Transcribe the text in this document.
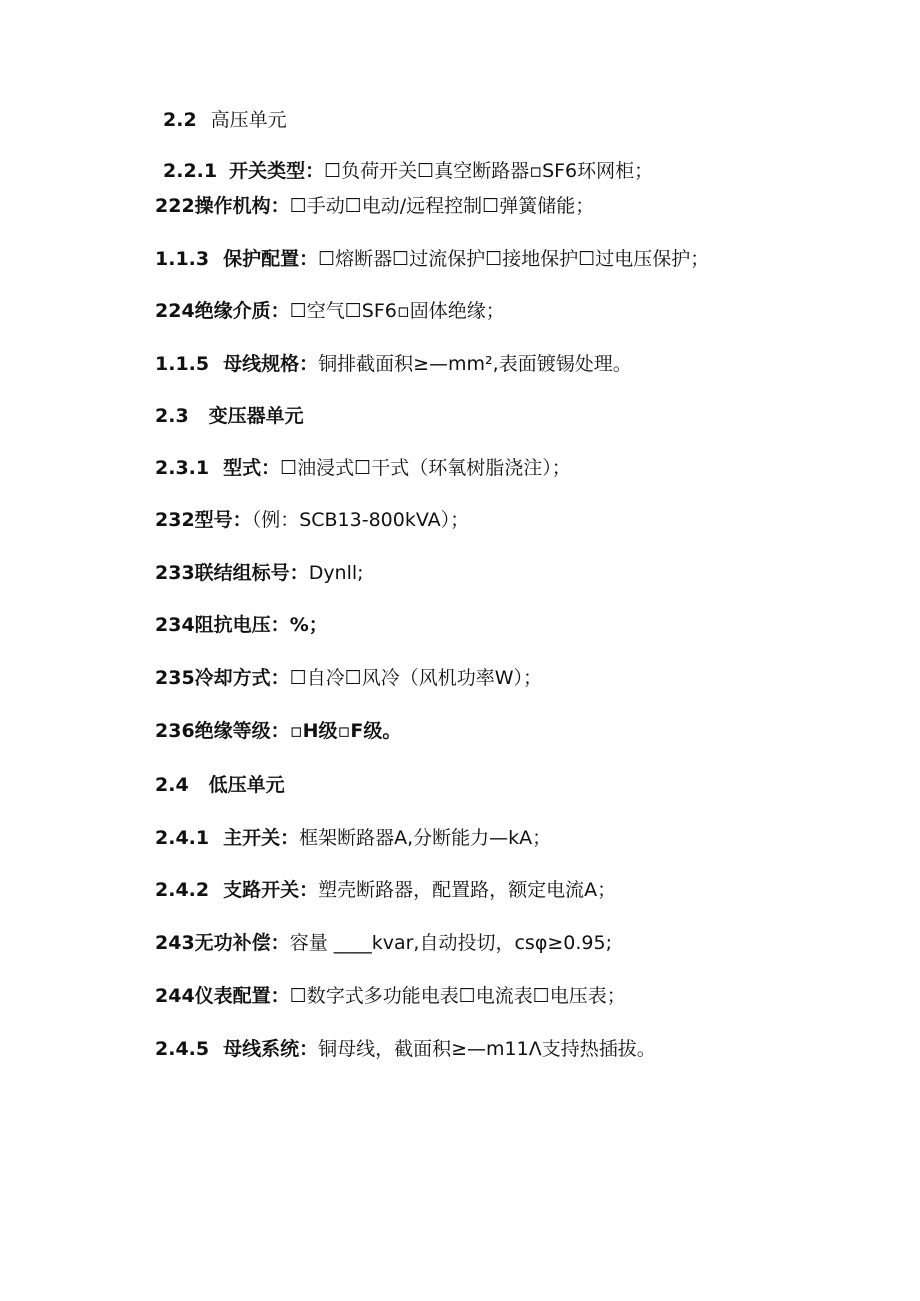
2.2 高压单元
2.2.1 开关类型：☐负荷开关☐真空断路器▫SF6环网柜；
222操作机构：☐手动☐电动/远程控制☐弹簧储能；
1.1.3 保护配置：☐熔断器☐过流保护☐接地保护☐过电压保护；
224绝缘介质：☐空气☐SF6▫固体绝缘；
1.1.5 母线规格：铜排截面积≥—mm²,表面镀锡处理。
2.3 变压器单元
2.3.1 型式：☐油浸式☐干式（环氧树脂浇注）；
232型号：（例：SCB13-800kVA）；
233联结组标号：Dynll;
234阻抗电压：%；
235冷却方式：☐自冷☐风冷（风机功率W）；
236绝缘等级：▫H级▫F级。
2.4 低压单元
2.4.1 主开关：框架断路器A,分断能力—kA；
2.4.2 支路开关：塑壳断路器，配置路，额定电流A；
243无功补偿：容量 ____kvar,自动投切，csφ≥0.95;
244仪表配置：☐数字式多功能电表☐电流表☐电压表；
2.4.5 母线系统：铜母线，截面积≥—m11Λ支持热插拔。
